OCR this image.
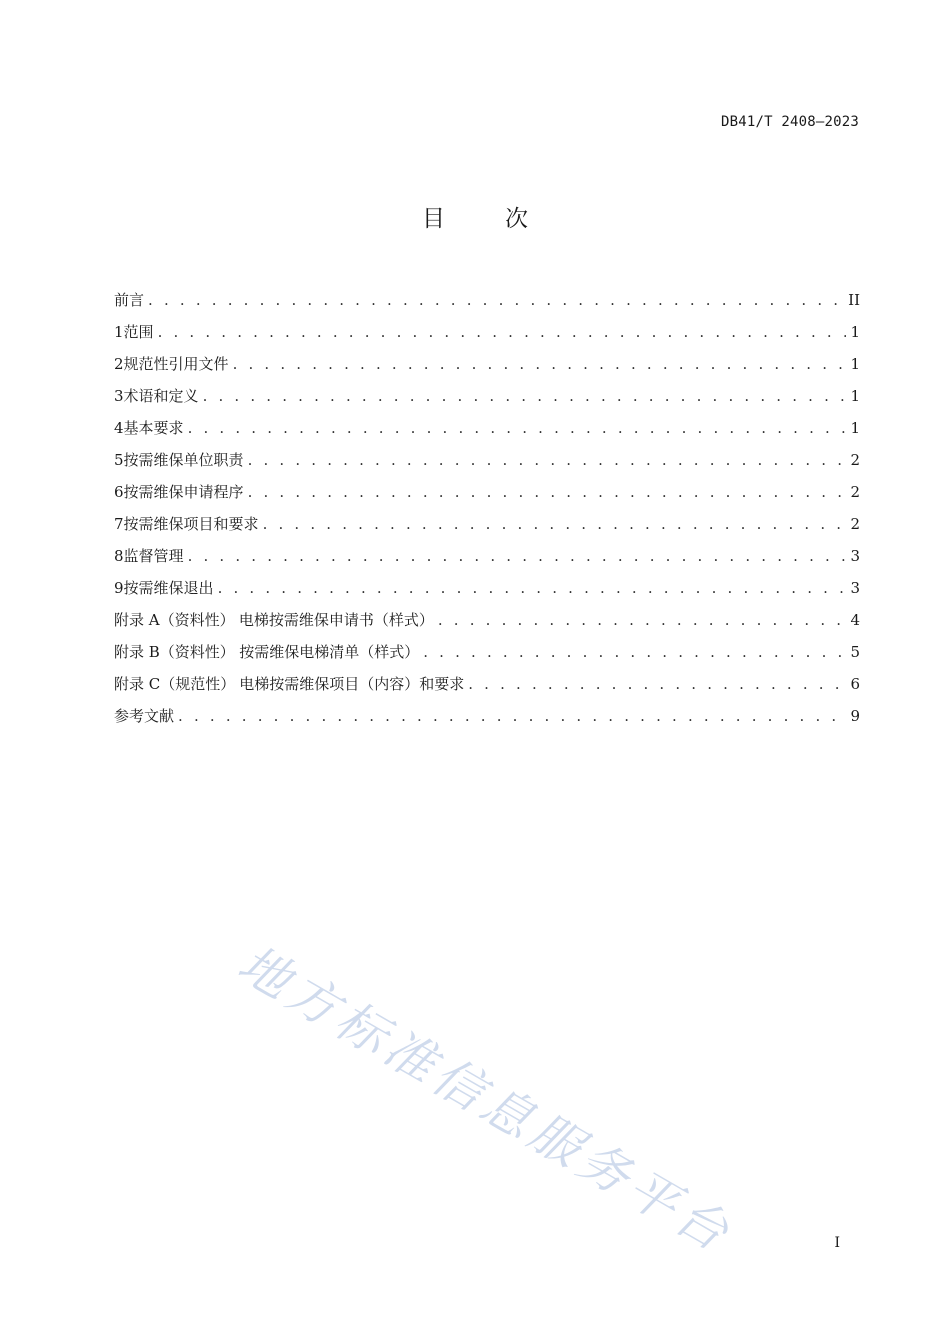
DB41/T 2408—2023
目	次
前言 . . .	II
1 范围 . . .	1
2 规范性引用文件 . . .	1
3 术语和定义 . . .	1
4 基本要求 . . .	1
5 按需维保单位职责 . . .	2
6 按需维保申请程序 . . .	2
7 按需维保项目和要求 . . .	2
8 监督管理 . . .	3
9 按需维保退出 . . .	3
附录 A（资料性） 电梯按需维保申请书（样式） . . .	4
附录 B（资料性） 按需维保电梯清单（样式） . . .	5
附录 C（规范性） 电梯按需维保项目（内容）和要求 . . .	6
参考文献 . . .	9
地方标准信息服务平台	I
